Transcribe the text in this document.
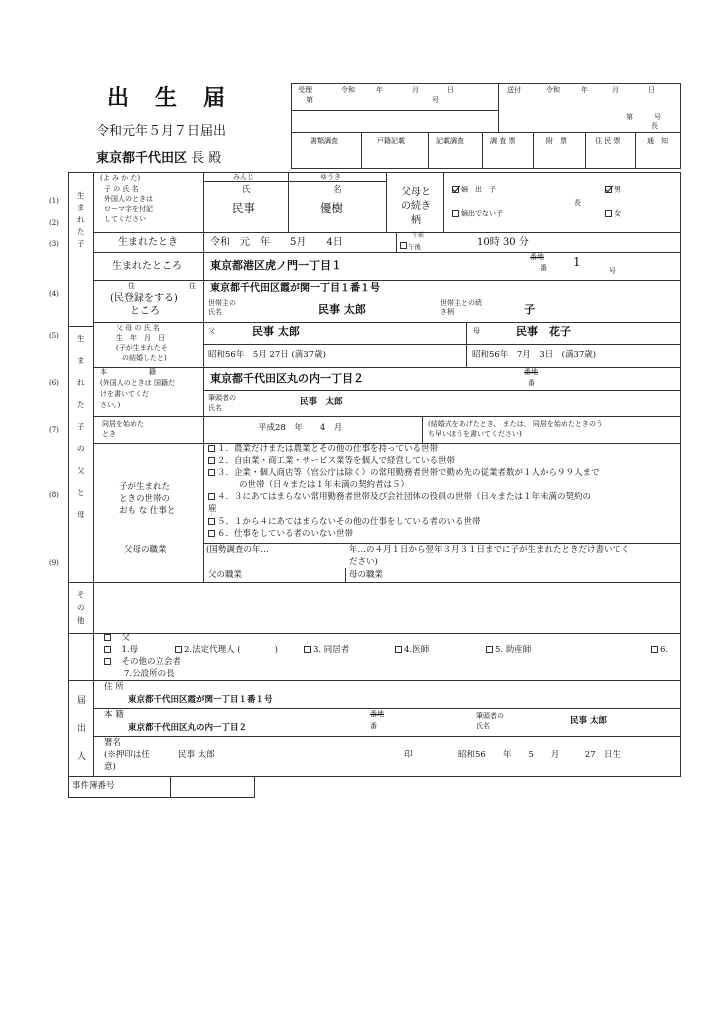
出　生　届
令和元年５月７日届出
東京都千代田区 長 殿
受理	令和	年	月	日
第	号
送付	令和	年	月	日
第　　　号
長
書類調査	戸籍記載	記載調査	調 査 票	附　票	住 民 票	通　知
生まれた子
生まれた子の父と母
その他
届出人
(1)
(2)
(3)
(4)
(5)
(6)
(7)
(8)
(9)
(よ み か た)
子 の 氏 名
外国人のときは
ローマ字を付記
してください
みんじ	ゆうき
氏	名
民事	優樹
父母との続き柄
嫡　出　子
長
男
嫡出でない子	女
生まれたとき	令和　元　年　　5月　　4日
午前
午後	10時 30 分
生まれたところ	東京都港区虎ノ門一丁目１
番地
番 1
号
住	住
(民登録をする)
ところ
東京都千代田区霞が関一丁目１番１号
世帯主の氏名	民事 太郎	世帯主との続き柄	子
父 母 の 氏 名
生　年　月　日
(子が生まれたそ
の結婚したと)
父	民事 太郎	母	民事　花子
昭和56年　5月 27日 (満37歳)	昭和56年　7月　3日　(満37歳)
本　　　　　　籍
(外国人のときは 国籍だ
けを書いてくだ
さい。)
東京都千代田区丸の内一丁目２	番地
番
筆頭者の氏名
民事　太郎
同居を始めたとき
平成28　年　　4　月	(結婚式をあげたとき、 または、 同居を始めたときのうち早いほうを書いてください)
子が生まれた
ときの世帯の
おも な 仕事と
１．農業だけまたは農業とその他の仕事を持っている世帯
２．自由業・商工業・サービス業等を個人で経営している世帯
３．企業・個人商店等（官公庁は除く）の常用勤務者世帯で勤め先の従業者数が１人から９９人まで
の世帯（日々または１年未満の契約者は５）
４．３にあてはまらない常用勤務者世帯及び会社団体の役員の世帯（日々または１年未満の契約の
雇
５．１から４にあてはまらないその他の仕事をしている者のいる世帯
６．仕事をしている者のいない世帯
父母の職業	(国勢調査の年…	年…の４月１日から翌年３月３１日までに子が生まれたときだけ書いてく
ださい)
父の職業	母の職業
　父
　1.母	2.法定代理人 (　　　　)	3. 同居者	4.医師	5. 助産師	6.
　その他の立会者
7.公設所の長
住 所
東京都千代田区霞が関一丁目１番１号
本 籍
東京都千代田区丸の内一丁目２
番地
番
筆頭者の氏名	民事 太郎
署名
(※押印は任
意)
民事 太郎	印	昭和56　　年　　5　　月　　　27　日生
事件簿番号
